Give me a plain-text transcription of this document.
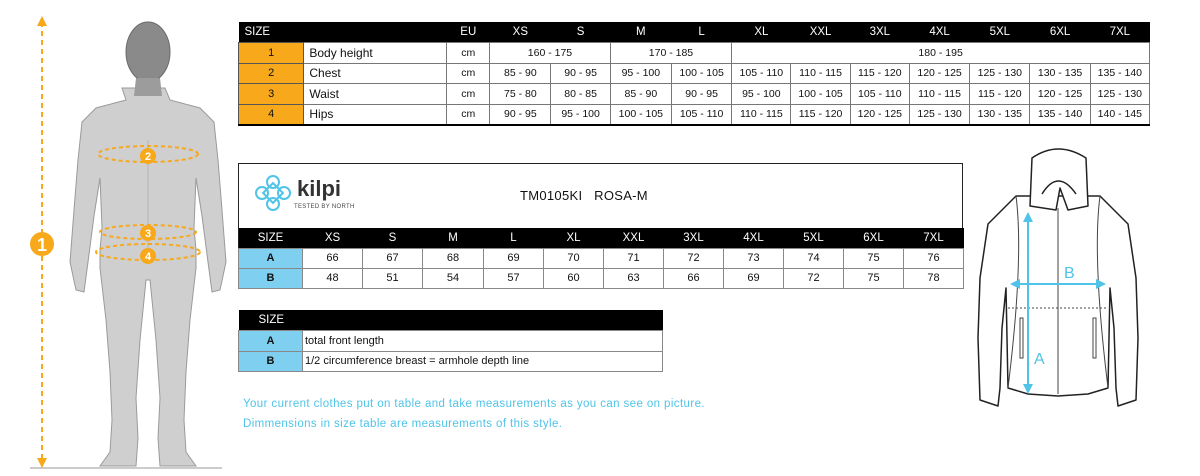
1
2
3
4
SIZE		EU	XS	S	M	L	XL	XXL	3XL	4XL	5XL	6XL	7XL
1	Body height	cm	160 - 175		170 - 185		180 - 195						
2	Chest	cm	85 - 90	90 - 95	95 - 100	100 - 105	105 - 110	110 - 115	115 - 120	120 - 125	125 - 130	130 - 135	135 - 140
3	Waist	cm	75 - 80	80 - 85	85 - 90	90 - 95	95 - 100	100 - 105	105 - 110	110 - 115	115 - 120	120 - 125	125 - 130
4	Hips	cm	90 - 95	95 - 100	100 - 105	105 - 110	110 - 115	115 - 120	120 - 125	125 - 130	130 - 135	135 - 140	140 - 145
kilpi
TESTED BY NORTH
TM0105KI ROSA-M
SIZE	XS	S	M	L	XL	XXL	3XL	4XL	5XL	6XL	7XL
A	66	67	68	69	70	71	72	73	74	75	76
B	48	51	54	57	60	63	66	69	72	75	78
SIZE	
A	total front length
B	1/2 circumference breast = armhole depth line
Your current clothes put on table and take measurements as you can see on picture.
Dimmensions in size table are measurements of this style.
A
B
